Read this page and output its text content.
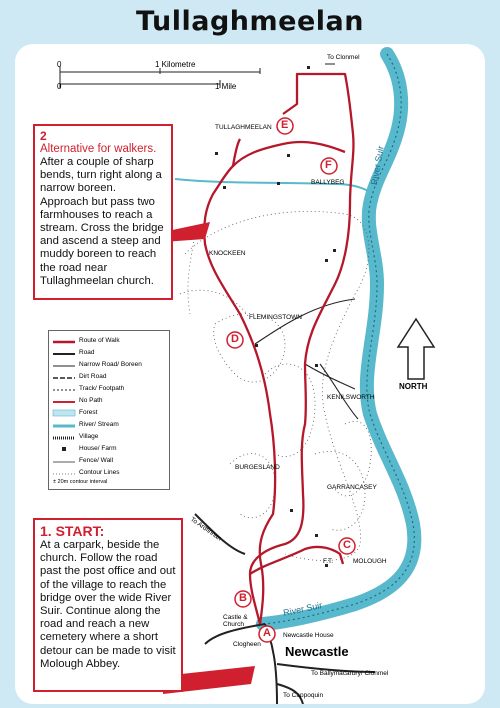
Tullaghmeelan
0	1 Kilometre
0	1 Mile
A
B
C
D
E
F
To Clonmel
TULLAGHMEELAN
BALLYBEG
KNOCKEEN
FLEMINGSTOWN
KENILSWORTH
BURGESLAND
GARRANCASEY
MOLOUGH
F.T.
To Ardfinnan
Castle & Church
Clogheen
Newcastle House
Newcastle
To Ballymacarbry/ Clonmel
To Cappoquin
River Suir
River Suir
NORTH
Route of Walk
Road
Narrow Road/ Boreen
Dirt Road
Track/ Footpath
No Path
Forest
River/ Stream
Village
House/ Farm
Fence/ Wall
Contour Lines
± 20m contour interval
2
Alternative for walkers.
After a couple of sharp bends, turn right along a narrow boreen. Approach but pass two farmhouses to reach a stream. Cross the bridge and ascend a steep and muddy boreen to reach the road near Tullaghmeelan church.
1. START:
At a carpark, beside the church. Follow the road past the post office and out of the village to reach the bridge over the wide River Suir. Continue along the road and reach a new cemetery where a short detour can be made to visit Molough Abbey.
